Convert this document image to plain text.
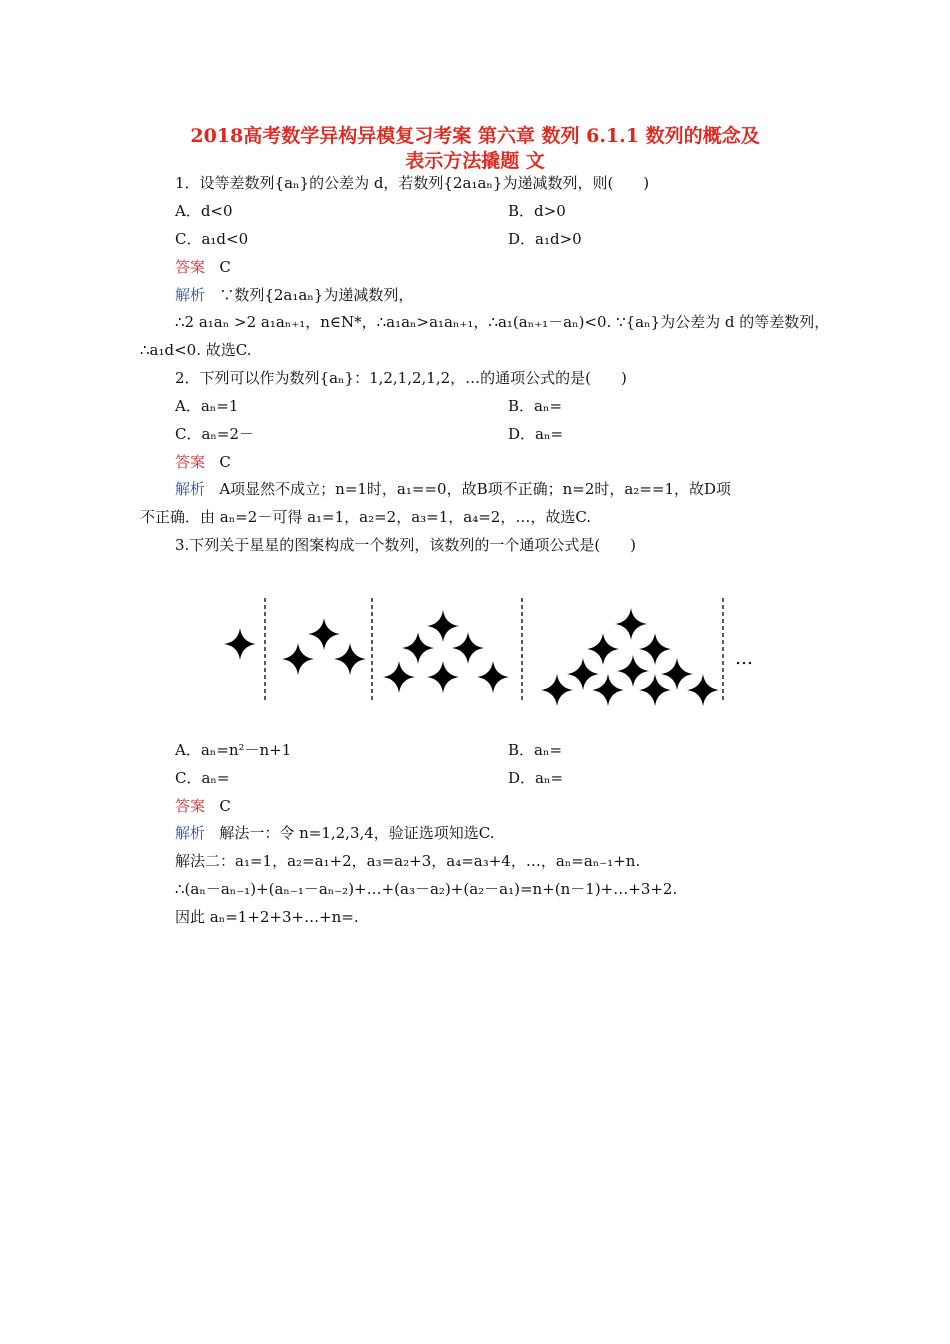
2018高考数学异构异模复习考案 第六章 数列 6.1.1 数列的概念及
表示方法撬题 文
1．设等差数列{aₙ}的公差为 d，若数列{2a₁aₙ}为递减数列，则(　　)
A．d<0	B．d>0
C．a₁d<0	D．a₁d>0
答案 C
解析 ∵数列{2a₁aₙ}为递减数列，
∴2 a₁aₙ >2 a₁aₙ₊₁，n∈N*，∴a₁aₙ>a₁aₙ₊₁，∴a₁(aₙ₊₁－aₙ)<0. ∵{aₙ}为公差为 d 的等差数列，
∴a₁d<0. 故选C.
2．下列可以作为数列{aₙ}：1,2,1,2,1,2，…的通项公式的是(　　)
A．aₙ=1	B．aₙ=
C．aₙ=2－	D．aₙ=
答案 C
解析 A项显然不成立；n=1时，a₁==0，故B项不正确；n=2时，a₂==1，故D项
不正确．由 aₙ=2－可得 a₁=1，a₂=2，a₃=1，a₄=2，…，故选C.
3.下列关于星星的图案构成一个数列，该数列的一个通项公式是(　　)
…
A．aₙ=n²－n+1	B．aₙ=
C．aₙ=	D．aₙ=
答案 C
解析 解法一：令 n=1,2,3,4，验证选项知选C.
解法二：a₁=1，a₂=a₁+2，a₃=a₂+3，a₄=a₃+4，…，aₙ=aₙ₋₁+n.
∴(aₙ－aₙ₋₁)+(aₙ₋₁－aₙ₋₂)+…+(a₃－a₂)+(a₂－a₁)=n+(n－1)+…+3+2.
因此 aₙ=1+2+3+…+n=.
